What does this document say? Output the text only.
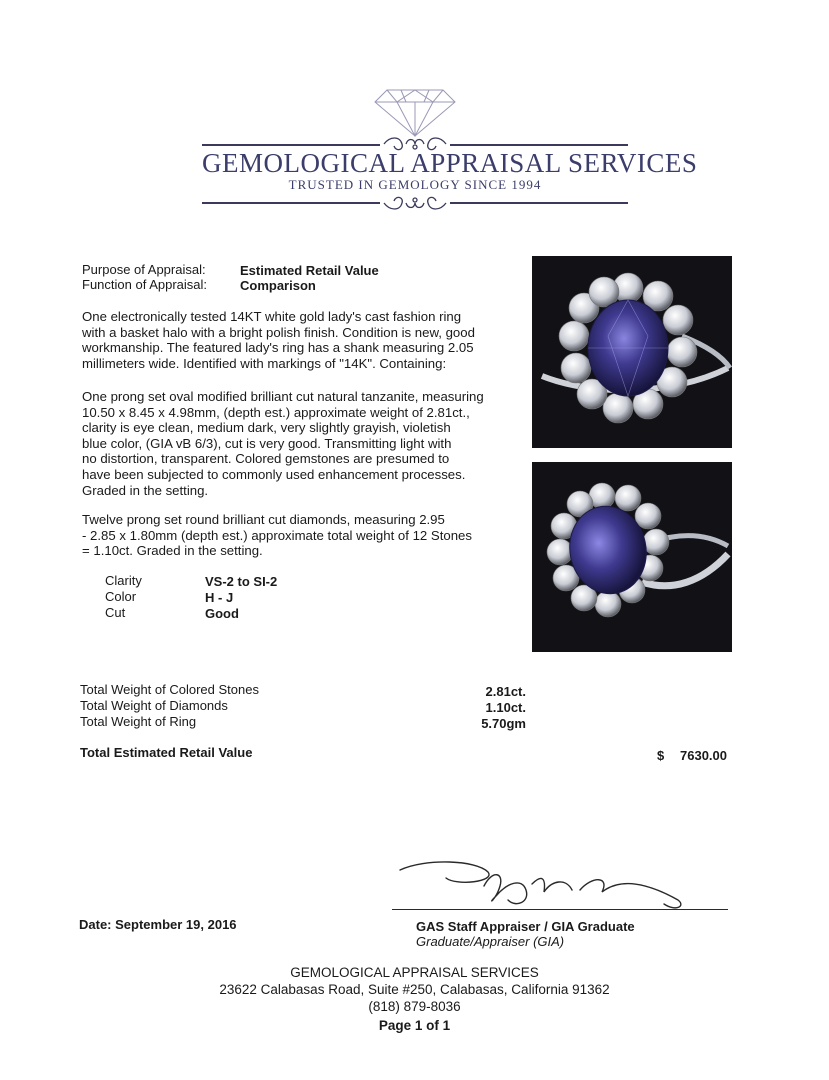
GEMOLOGICAL APPRAISAL SERVICES
TRUSTED IN GEMOLOGY SINCE 1994
Purpose of Appraisal:	Estimated Retail Value
Function of Appraisal:	Comparison
One electronically tested 14KT white gold lady's cast fashion ring
with a basket halo with a bright polish finish. Condition is new, good
workmanship. The featured lady's ring has a shank measuring 2.05
millimeters wide. Identified with markings of "14K". Containing:
One prong set oval modified brilliant cut natural tanzanite, measuring
10.50 x 8.45 x 4.98mm, (depth est.) approximate weight of 2.81ct.,
clarity is eye clean, medium dark, very slightly grayish, violetish
blue color, (GIA vB 6/3), cut is very good. Transmitting light with
no distortion, transparent. Colored gemstones are presumed to
have been subjected to commonly used enhancement processes.
Graded in the setting.
Twelve prong set round brilliant cut diamonds, measuring 2.95
- 2.85 x 1.80mm (depth est.) approximate total weight of 12 Stones
= 1.10ct. Graded in the setting.
Clarity	VS-2 to SI-2
Color	H - J
Cut	Good
Total Weight of Colored Stones	2.81ct.
Total Weight of Diamonds	1.10ct.
Total Weight of Ring	5.70gm
Total Estimated Retail Value	$ 7630.00
Date: September 19, 2016	GAS Staff Appraiser / GIA Graduate
Graduate/Appraiser (GIA)
GEMOLOGICAL APPRAISAL SERVICES
23622 Calabasas Road, Suite #250, Calabasas, California 91362
(818) 879-8036
Page 1 of 1
